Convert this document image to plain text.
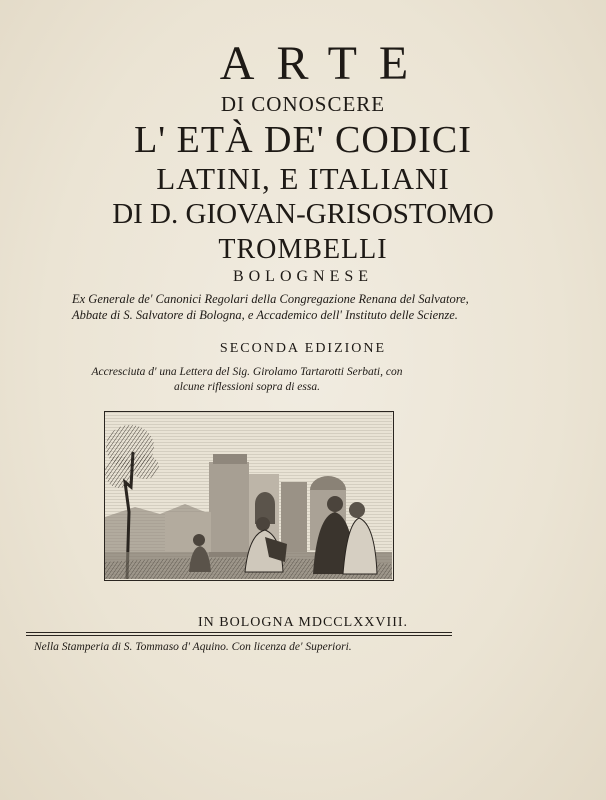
ARTE
DI CONOSCERE
L' ETÀ DE' CODICI
LATINI, E ITALIANI
DI D. GIOVAN-GRISOSTOMO
TROMBELLI
BOLOGNESE
Ex Generale de' Canonici Regolari della Congregazione Renana del Salvatore, Abbate di S. Salvatore di Bologna, e Accademico dell' Instituto delle Scienze.
SECONDA EDIZIONE
Accresciuta d' una Lettera del Sig. Girolamo Tartarotti Serbati, con alcune riflessioni sopra di essa.
IN BOLOGNA MDCCLXXVIII.
Nella Stamperia di S. Tommaso d' Aquino. Con licenza de' Superiori.
